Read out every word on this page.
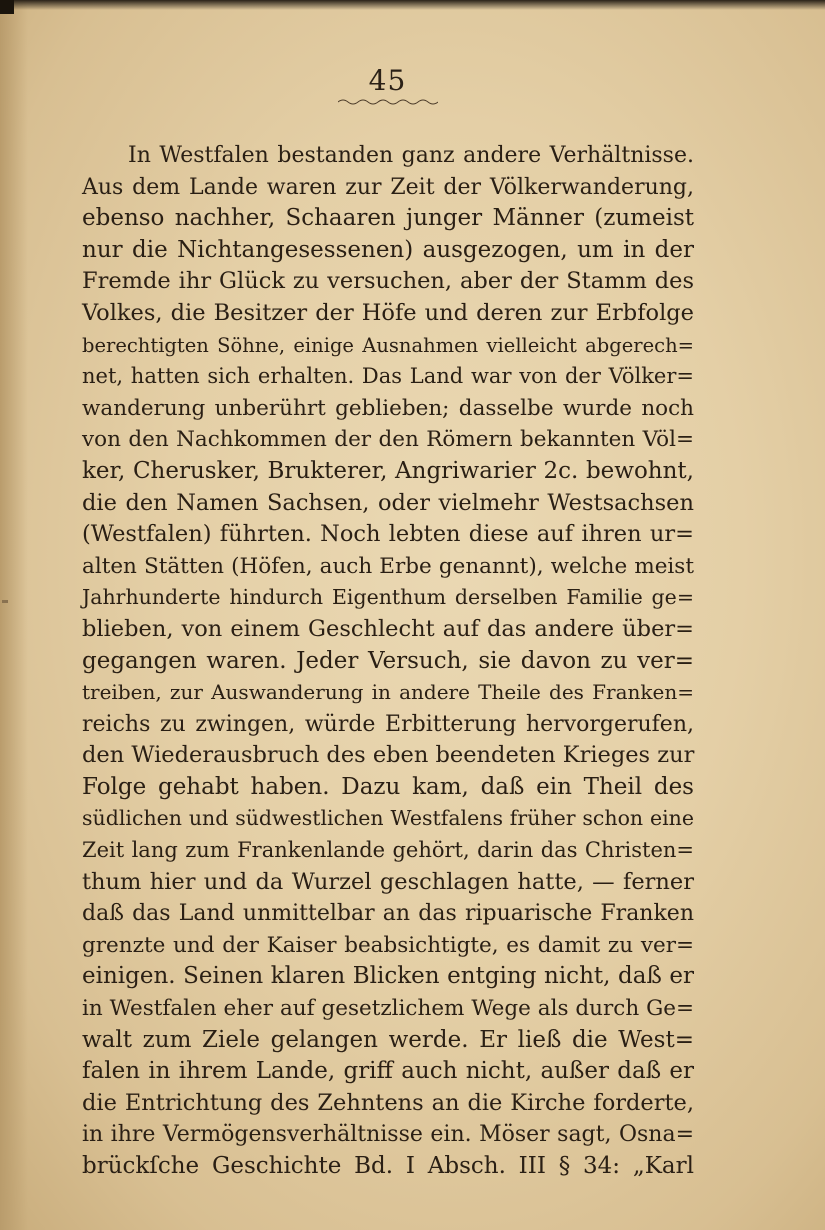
45
In Westfalen bestanden ganz andere Verhältnisse.
Aus dem Lande waren zur Zeit der Völkerwanderung,
ebenso nachher, Schaaren junger Männer (zumeist
nur die Nichtangesessenen) ausgezogen, um in der
Fremde ihr Glück zu versuchen, aber der Stamm des
Volkes, die Besitzer der Höfe und deren zur Erbfolge
berechtigten Söhne, einige Ausnahmen vielleicht abgerech=
net, hatten sich erhalten. Das Land war von der Völker=
wanderung unberührt geblieben; dasselbe wurde noch
von den Nachkommen der den Römern bekannten Völ=
ker, Cherusker, Brukterer, Angriwarier 2c. bewohnt,
die den Namen Sachsen, oder vielmehr Westsachsen
(Westfalen) führten. Noch lebten diese auf ihren ur=
alten Stätten (Höfen, auch Erbe genannt), welche meist
Jahrhunderte hindurch Eigenthum derselben Familie ge=
blieben, von einem Geschlecht auf das andere über=
gegangen waren. Jeder Versuch, sie davon zu ver=
treiben, zur Auswanderung in andere Theile des Franken=
reichs zu zwingen, würde Erbitterung hervorgerufen,
den Wiederausbruch des eben beendeten Krieges zur
Folge gehabt haben. Dazu kam, daß ein Theil des
südlichen und südwestlichen Westfalens früher schon eine
Zeit lang zum Frankenlande gehört, darin das Christen=
thum hier und da Wurzel geschlagen hatte, — ferner
daß das Land unmittelbar an das ripuarische Franken
grenzte und der Kaiser beabsichtigte, es damit zu ver=
einigen. Seinen klaren Blicken entging nicht, daß er
in Westfalen eher auf gesetzlichem Wege als durch Ge=
walt zum Ziele gelangen werde. Er ließ die West=
falen in ihrem Lande, griff auch nicht, außer daß er
die Entrichtung des Zehntens an die Kirche forderte,
in ihre Vermögensverhältnisse ein. Möser sagt, Osna=
brückſche Geschichte Bd. I Absch. III § 34: „Karl
